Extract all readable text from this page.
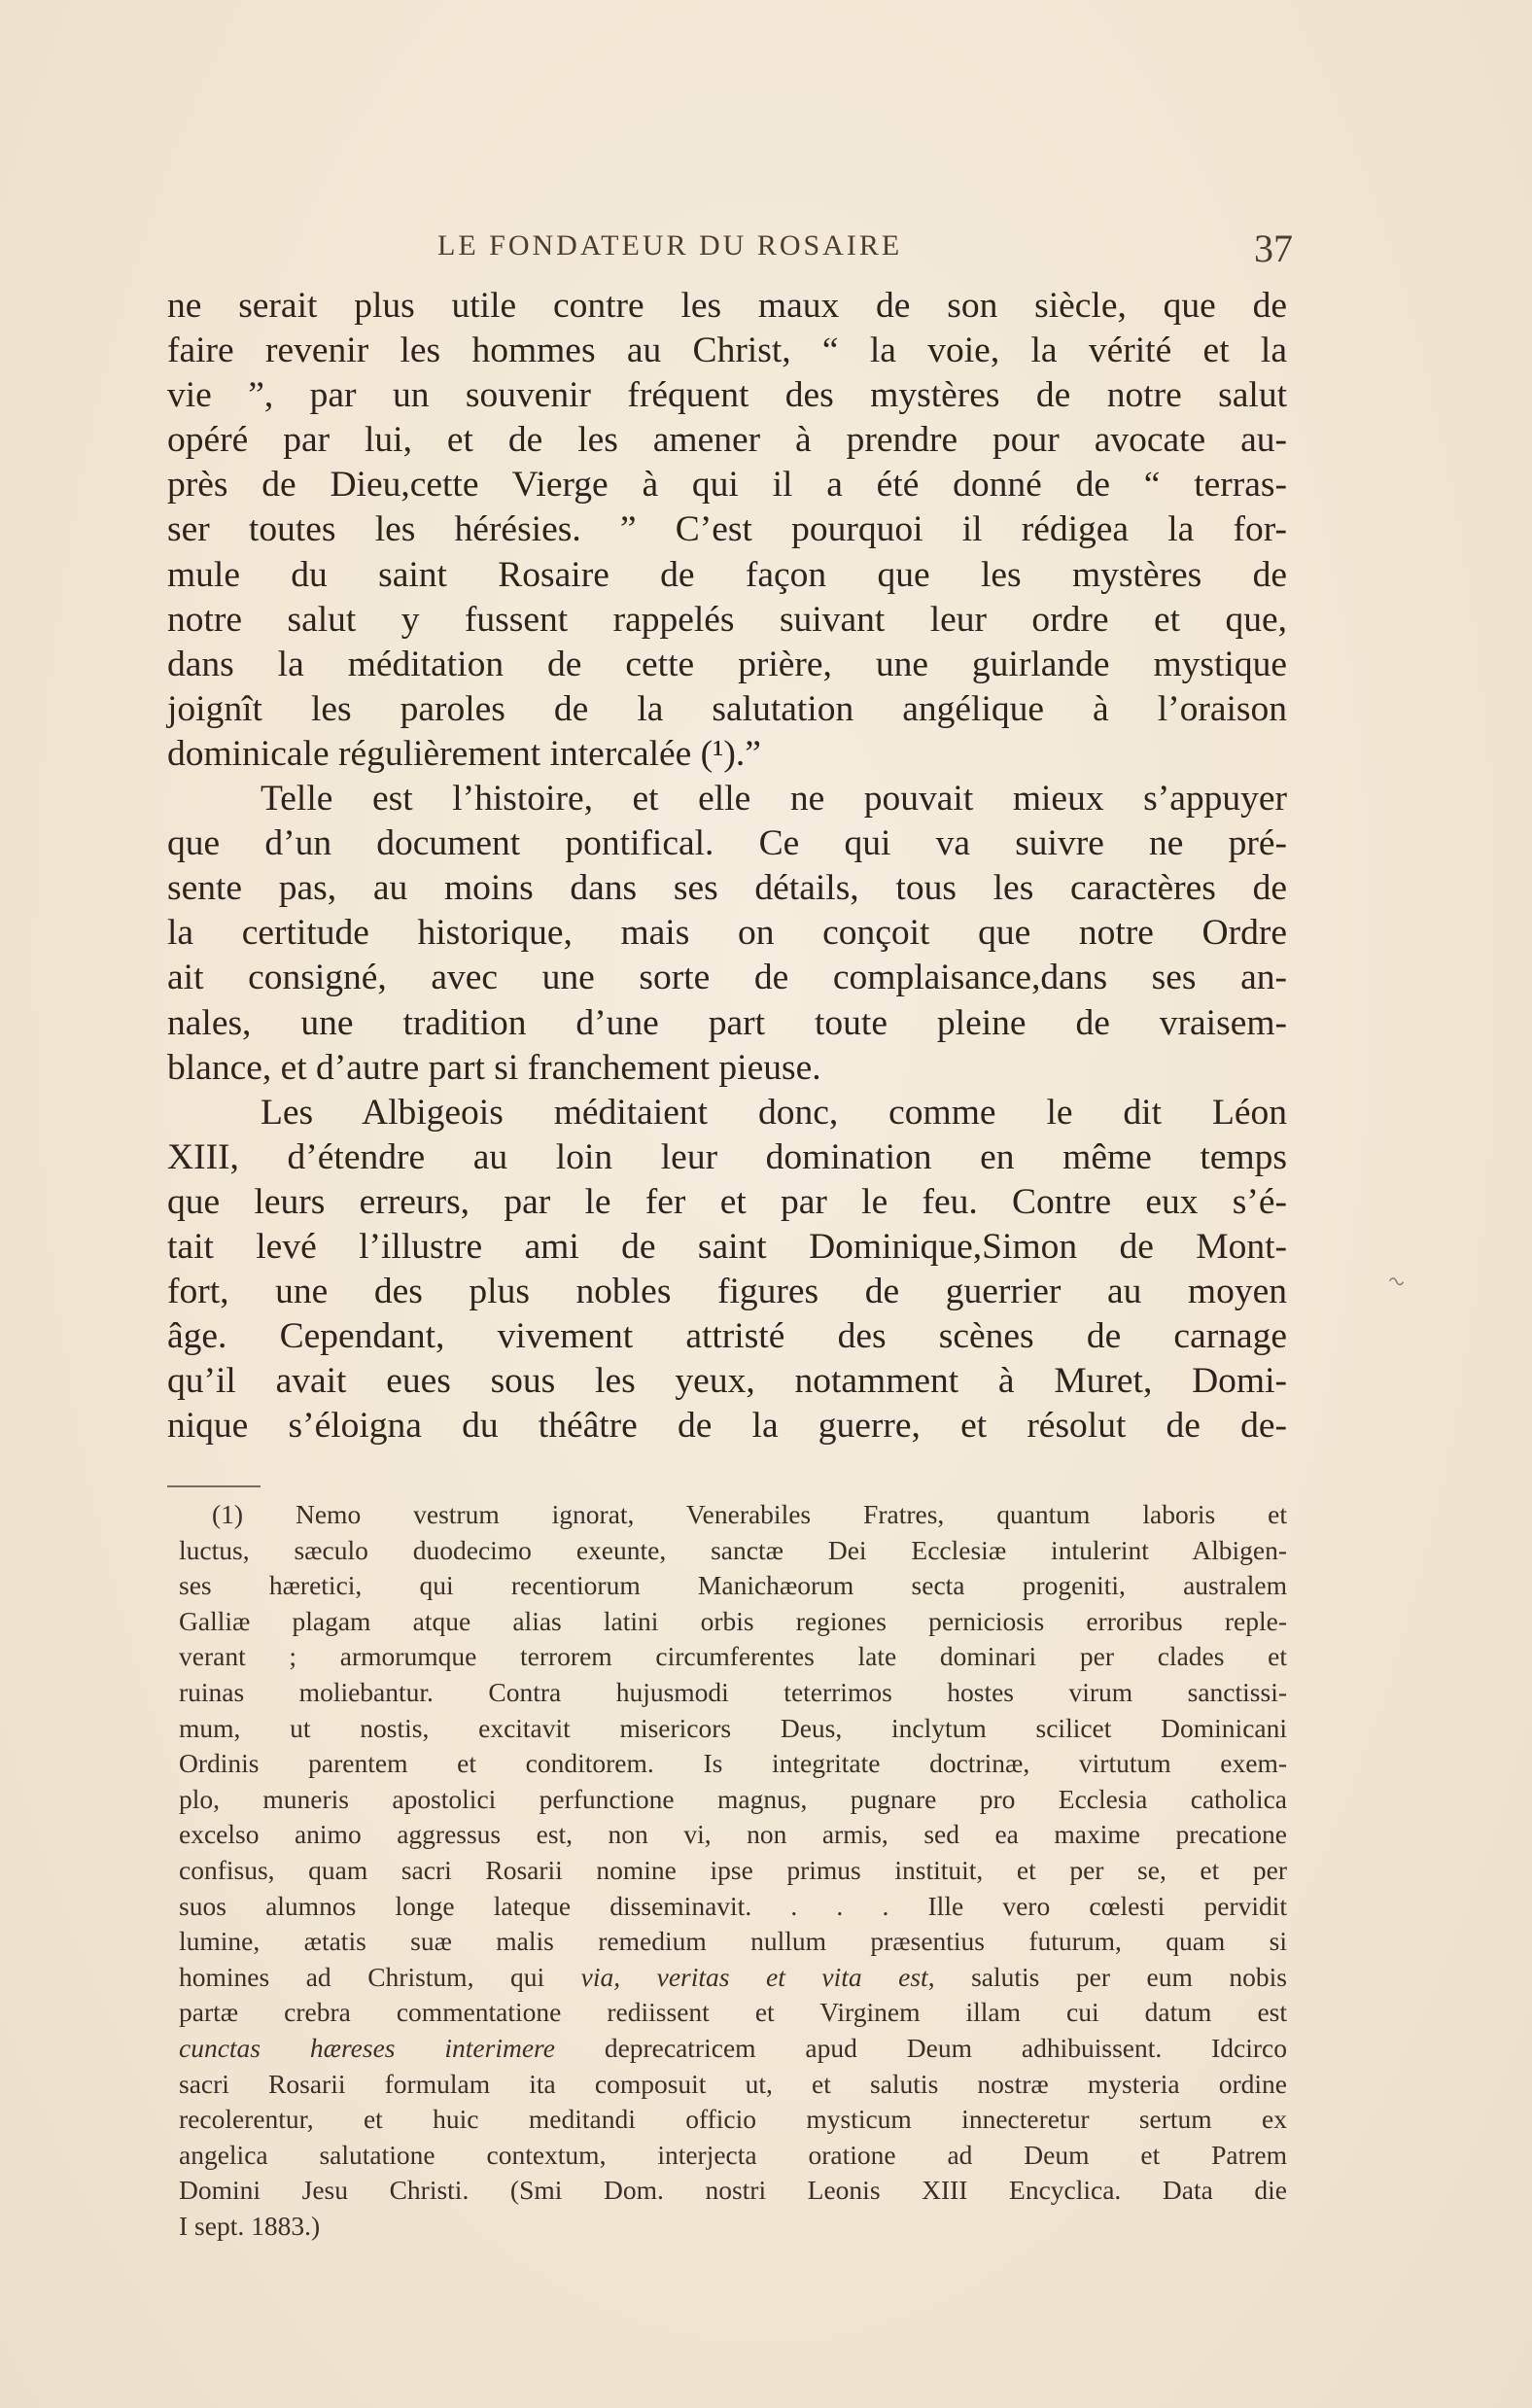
LE FONDATEUR DU ROSAIRE	37
ne serait plus utile contre les maux de son siècle, que de
faire revenir les hommes au Christ, “ la voie, la vérité et la
vie ”, par un souvenir fréquent des mystères de notre salut
opéré par lui, et de les amener à prendre pour avocate au-
près de Dieu,cette Vierge à qui il a été donné de “ terras-
ser toutes les hérésies. ” C’est pourquoi il rédigea la for-
mule du saint Rosaire de façon que les mystères de
notre salut y fussent rappelés suivant leur ordre et que,
dans la méditation de cette prière, une guirlande mystique
joignît les paroles de la salutation angélique à l’oraison
dominicale régulièrement intercalée (¹).”
Telle est l’histoire, et elle ne pouvait mieux s’appuyer
que d’un document pontifical. Ce qui va suivre ne pré-
sente pas, au moins dans ses détails, tous les caractères de
la certitude historique, mais on conçoit que notre Ordre
ait consigné, avec une sorte de complaisance,dans ses an-
nales, une tradition d’une part toute pleine de vraisem-
blance, et d’autre part si franchement pieuse.
Les Albigeois méditaient donc, comme le dit Léon
XIII, d’étendre au loin leur domination en même temps
que leurs erreurs, par le fer et par le feu. Contre eux s’é-
tait levé l’illustre ami de saint Dominique,Simon de Mont-
fort, une des plus nobles figures de guerrier au moyen
âge. Cependant, vivement attristé des scènes de carnage
qu’il avait eues sous les yeux, notamment à Muret, Domi-
nique s’éloigna du théâtre de la guerre, et résolut de de-
(1) Nemo vestrum ignorat, Venerabiles Fratres, quantum laboris et
luctus, sæculo duodecimo exeunte, sanctæ Dei Ecclesiæ intulerint Albigen-
ses hæretici, qui recentiorum Manichæorum secta progeniti, australem
Galliæ plagam atque alias latini orbis regiones perniciosis erroribus reple-
verant ; armorumque terrorem circumferentes late dominari per clades et
ruinas moliebantur. Contra hujusmodi teterrimos hostes virum sanctissi-
mum, ut nostis, excitavit misericors Deus, inclytum scilicet Dominicani
Ordinis parentem et conditorem. Is integritate doctrinæ, virtutum exem-
plo, muneris apostolici perfunctione magnus, pugnare pro Ecclesia catholica
excelso animo aggressus est, non vi, non armis, sed ea maxime precatione
confisus, quam sacri Rosarii nomine ipse primus instituit, et per se, et per
suos alumnos longe lateque disseminavit. . . . Ille vero cœlesti pervidit
lumine, ætatis suæ malis remedium nullum præsentius futurum, quam si
homines ad Christum, qui via, veritas et vita est, salutis per eum nobis
partæ crebra commentatione rediissent et Virginem illam cui datum est
cunctas hæreses interimere deprecatricem apud Deum adhibuissent. Idcirco
sacri Rosarii formulam ita composuit ut, et salutis nostræ mysteria ordine
recolerentur, et huic meditandi officio mysticum innecteretur sertum ex
angelica salutatione contextum, interjecta oratione ad Deum et Patrem
Domini Jesu Christi. (Smi Dom. nostri Leonis XIII Encyclica. Data die
I sept. 1883.)
~
